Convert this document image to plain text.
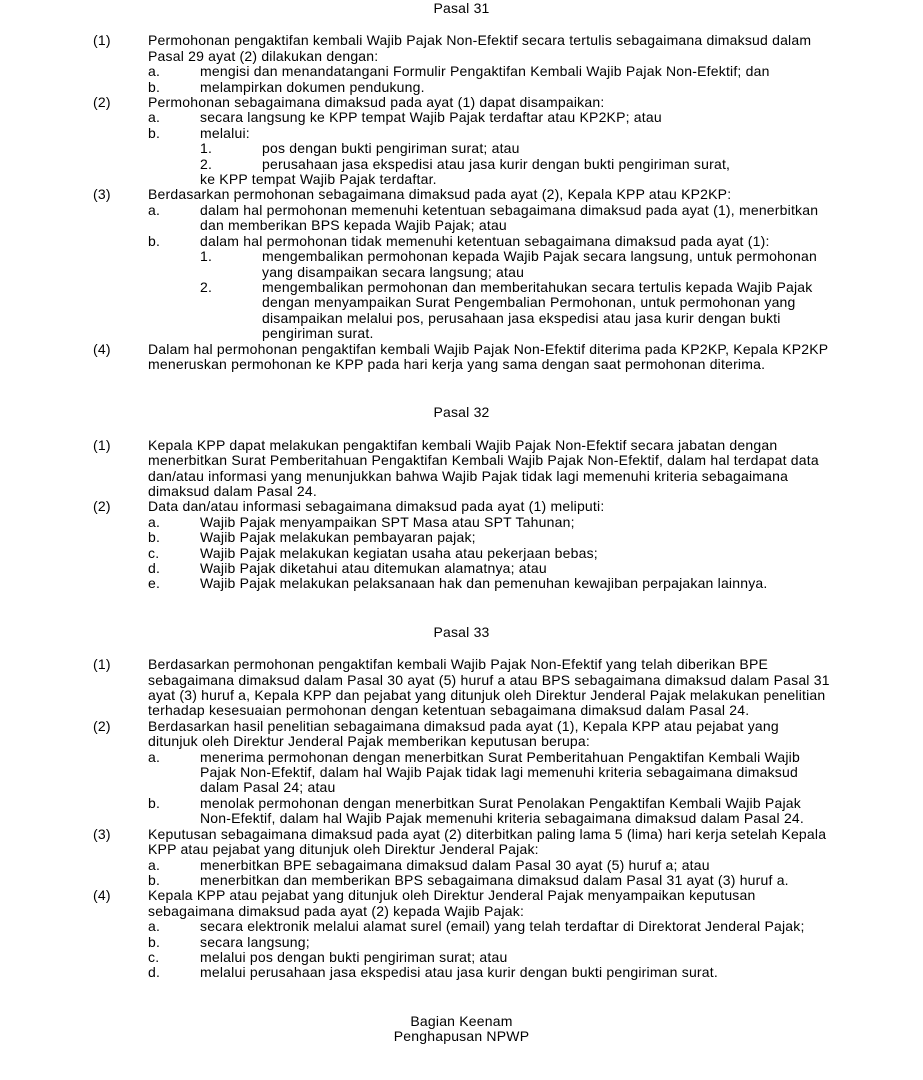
Pasal 31
(1)	Permohonan pengaktifan kembali Wajib Pajak Non-Efektif secara tertulis sebagaimana dimaksud dalam Pasal 29 ayat (2) dilakukan dengan:
a.	mengisi dan menandatangani Formulir Pengaktifan Kembali Wajib Pajak Non-Efektif; dan
b.	melampirkan dokumen pendukung.
(2)	Permohonan sebagaimana dimaksud pada ayat (1) dapat disampaikan:
a.	secara langsung ke KPP tempat Wajib Pajak terdaftar atau KP2KP; atau
b.	melalui:
1.	pos dengan bukti pengiriman surat; atau
2.	perusahaan jasa ekspedisi atau jasa kurir dengan bukti pengiriman surat,
ke KPP tempat Wajib Pajak terdaftar.
(3)	Berdasarkan permohonan sebagaimana dimaksud pada ayat (2), Kepala KPP atau KP2KP:
a.	dalam hal permohonan memenuhi ketentuan sebagaimana dimaksud pada ayat (1), menerbitkan dan memberikan BPS kepada Wajib Pajak; atau
b.	dalam hal permohonan tidak memenuhi ketentuan sebagaimana dimaksud pada ayat (1):
1.	mengembalikan permohonan kepada Wajib Pajak secara langsung, untuk permohonan yang disampaikan secara langsung; atau
2.	mengembalikan permohonan dan memberitahukan secara tertulis kepada Wajib Pajak dengan menyampaikan Surat Pengembalian Permohonan, untuk permohonan yang disampaikan melalui pos, perusahaan jasa ekspedisi atau jasa kurir dengan bukti pengiriman surat.
(4)	Dalam hal permohonan pengaktifan kembali Wajib Pajak Non-Efektif diterima pada KP2KP, Kepala KP2KP meneruskan permohonan ke KPP pada hari kerja yang sama dengan saat permohonan diterima.
Pasal 32
(1)	Kepala KPP dapat melakukan pengaktifan kembali Wajib Pajak Non-Efektif secara jabatan dengan menerbitkan Surat Pemberitahuan Pengaktifan Kembali Wajib Pajak Non-Efektif, dalam hal terdapat data dan/atau informasi yang menunjukkan bahwa Wajib Pajak tidak lagi memenuhi kriteria sebagaimana dimaksud dalam Pasal 24.
(2)	Data dan/atau informasi sebagaimana dimaksud pada ayat (1) meliputi:
a.	Wajib Pajak menyampaikan SPT Masa atau SPT Tahunan;
b.	Wajib Pajak melakukan pembayaran pajak;
c.	Wajib Pajak melakukan kegiatan usaha atau pekerjaan bebas;
d.	Wajib Pajak diketahui atau ditemukan alamatnya; atau
e.	Wajib Pajak melakukan pelaksanaan hak dan pemenuhan kewajiban perpajakan lainnya.
Pasal 33
(1)	Berdasarkan permohonan pengaktifan kembali Wajib Pajak Non-Efektif yang telah diberikan BPE sebagaimana dimaksud dalam Pasal 30 ayat (5) huruf a atau BPS sebagaimana dimaksud dalam Pasal 31 ayat (3) huruf a, Kepala KPP dan pejabat yang ditunjuk oleh Direktur Jenderal Pajak melakukan penelitian terhadap kesesuaian permohonan dengan ketentuan sebagaimana dimaksud dalam Pasal 24.
(2)	Berdasarkan hasil penelitian sebagaimana dimaksud pada ayat (1), Kepala KPP atau pejabat yang ditunjuk oleh Direktur Jenderal Pajak memberikan keputusan berupa:
a.	menerima permohonan dengan menerbitkan Surat Pemberitahuan Pengaktifan Kembali Wajib Pajak Non-Efektif, dalam hal Wajib Pajak tidak lagi memenuhi kriteria sebagaimana dimaksud dalam Pasal 24; atau
b.	menolak permohonan dengan menerbitkan Surat Penolakan Pengaktifan Kembali Wajib Pajak Non-Efektif, dalam hal Wajib Pajak memenuhi kriteria sebagaimana dimaksud dalam Pasal 24.
(3)	Keputusan sebagaimana dimaksud pada ayat (2) diterbitkan paling lama 5 (lima) hari kerja setelah Kepala KPP atau pejabat yang ditunjuk oleh Direktur Jenderal Pajak:
a.	menerbitkan BPE sebagaimana dimaksud dalam Pasal 30 ayat (5) huruf a; atau
b.	menerbitkan dan memberikan BPS sebagaimana dimaksud dalam Pasal 31 ayat (3) huruf a.
(4)	Kepala KPP atau pejabat yang ditunjuk oleh Direktur Jenderal Pajak menyampaikan keputusan sebagaimana dimaksud pada ayat (2) kepada Wajib Pajak:
a.	secara elektronik melalui alamat surel (email) yang telah terdaftar di Direktorat Jenderal Pajak;
b.	secara langsung;
c.	melalui pos dengan bukti pengiriman surat; atau
d.	melalui perusahaan jasa ekspedisi atau jasa kurir dengan bukti pengiriman surat.
Bagian Keenam
Penghapusan NPWP
